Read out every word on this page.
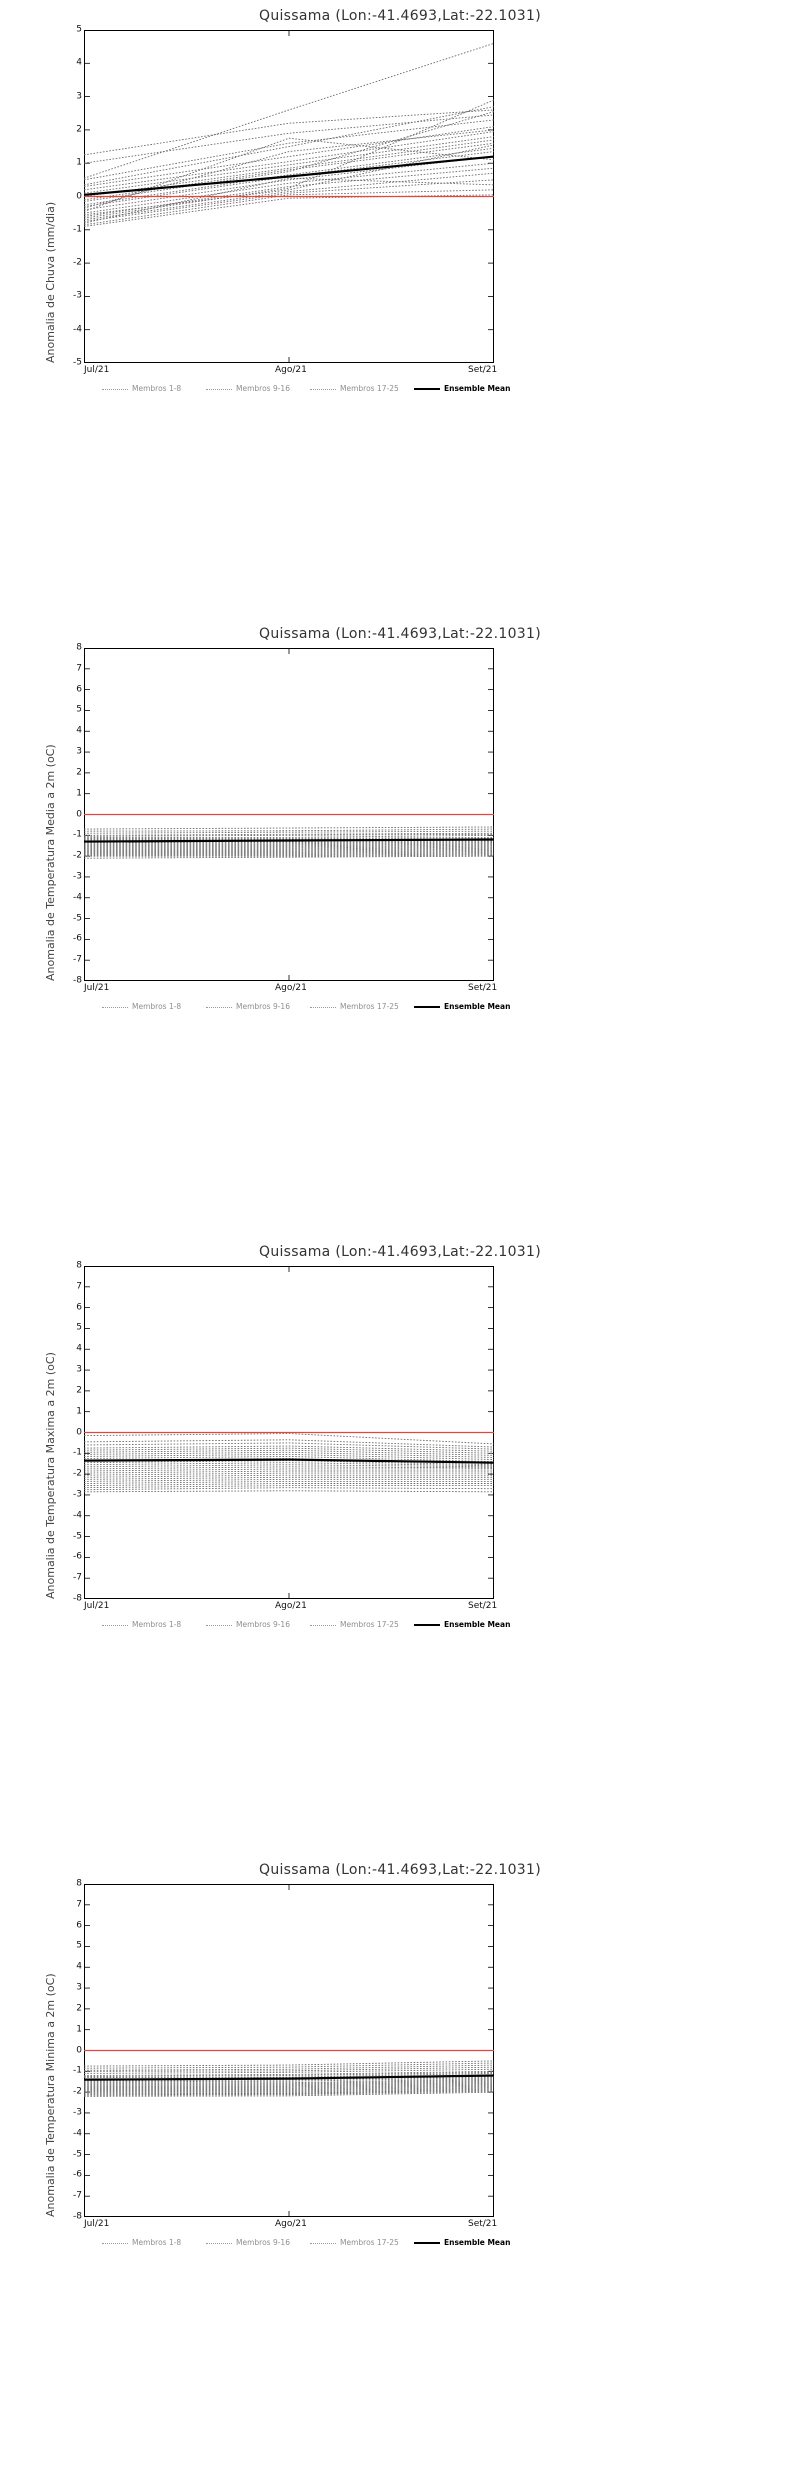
Quissama (Lon:-41.4693,Lat:-22.1031)
Anomalia de Chuva (mm/dia) -5
-4
-3
-2
-1
0
1
2
3
4
5
Jul/21	Ago/21	Set/21
Membros 1-8	Membros 9-16	Membros 17-25	Ensemble Mean
Quissama (Lon:-41.4693,Lat:-22.1031)
Anomalia de Temperatura Media a 2m (oC) -8
-7
-6
-5
-4
-3
-2
-1
0
1
2
3
4
5
6
7
8
Jul/21	Ago/21	Set/21
Membros 1-8	Membros 9-16	Membros 17-25	Ensemble Mean
Quissama (Lon:-41.4693,Lat:-22.1031)
Anomalia de Temperatura Maxima a 2m (oC) -8
-7
-6
-5
-4
-3
-2
-1
0
1
2
3
4
5
6
7
8
Jul/21	Ago/21	Set/21
Membros 1-8	Membros 9-16	Membros 17-25	Ensemble Mean
Quissama (Lon:-41.4693,Lat:-22.1031)
Anomalia de Temperatura Minima a 2m (oC) -8
-7
-6
-5
-4
-3
-2
-1
0
1
2
3
4
5
6
7
8
Jul/21	Ago/21	Set/21
Membros 1-8	Membros 9-16	Membros 17-25	Ensemble Mean
